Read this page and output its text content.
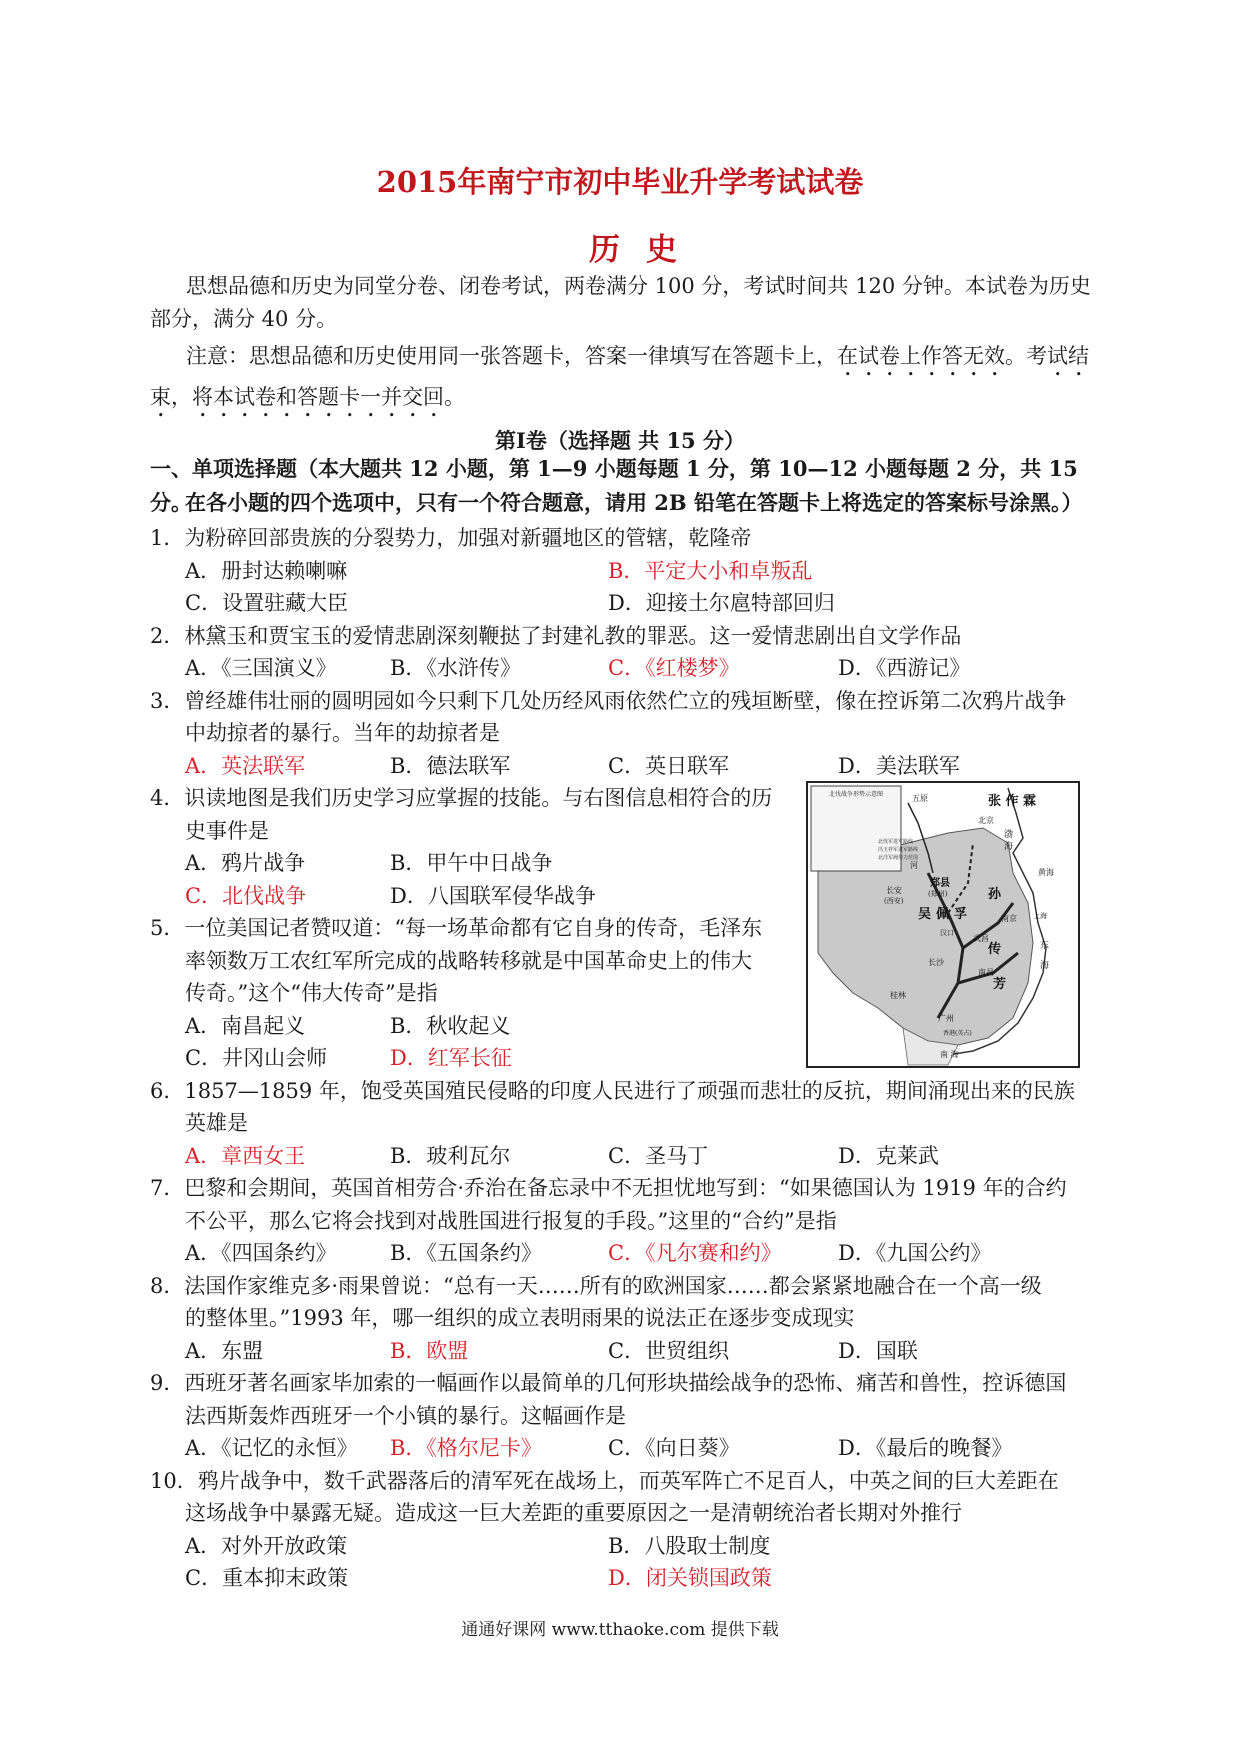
2015年南宁市初中毕业升学考试试卷
历史
思想品德和历史为同堂分卷、闭卷考试，两卷满分 100 分，考试时间共 120 分钟。本试卷为历史部分，满分 40 分。
注意：思想品德和历史使用同一张答题卡，答案一律填写在答题卡上，在试卷上作答无效。考试结束，将本试卷和答题卡一并交回。
第Ⅰ卷（选择题 共 15 分）
一、单项选择题（本大题共 12 小题，第 1—9 小题每题 1 分，第 10—12 小题每题 2 分，共 15 分。
在各小题的四个选项中，只有一个符合题意，请用 2B 铅笔在答题卡上将选定的答案标号涂黑。）
1．为粉碎回部贵族的分裂势力，加强对新疆地区的管辖，乾隆帝
A．册封达赖喇嘛	B．平定大小和卓叛乱
C．设置驻藏大臣	D．迎接土尔扈特部回归
2．林黛玉和贾宝玉的爱情悲剧深刻鞭挞了封建礼教的罪恶。这一爱情悲剧出自文学作品
A．《三国演义》	B．《水浒传》	C．《红楼梦》	D．《西游记》
3．曾经雄伟壮丽的圆明园如今只剩下几处历经风雨依然伫立的残垣断壁，像在控诉第二次鸦片战争
中劫掠者的暴行。当年的劫掠者是
A．英法联军	B．德法联军	C．英日联军	D．美法联军
4．识读地图是我们历史学习应掌握的技能。与右图信息相符合的历
史事件是
A．鸦片战争	B．甲午中日战争
C．北伐战争	D．八国联军侵华战争
5．一位美国记者赞叹道：“每一场革命都有它自身的传奇，毛泽东
率领数万工农红军所完成的战略转移就是中国革命史上的伟大
传奇。”这个“伟大传奇”是指
A．南昌起义	B．秋收起义
C．井冈山会师	D．红军长征
6．1857—1859 年，饱受英国殖民侵略的印度人民进行了顽强而悲壮的反抗，期间涌现出来的民族
英雄是
A．章西女王	B．玻利瓦尔	C．圣马丁	D．克莱武
7．巴黎和会期间，英国首相劳合·乔治在备忘录中不无担忧地写到：“如果德国认为 1919 年的合约
不公平，那么它将会找到对战胜国进行报复的手段。”这里的“合约”是指
A．《四国条约》	B．《五国条约》	C．《凡尔赛和约》	D．《九国公约》
8．法国作家维克多·雨果曾说：“总有一天……所有的欧洲国家……都会紧紧地融合在一个高一级
的整体里。”1993 年，哪一组织的成立表明雨果的说法正在逐步变成现实
A．东盟	B．欧盟	C．世贸组织	D．国联
9．西班牙著名画家毕加索的一幅画作以最简单的几何形块描绘战争的恐怖、痛苦和兽性，控诉德国
法西斯轰炸西班牙一个小镇的暴行。这幅画作是
A．《记忆的永恒》 B．《格尔尼卡》	C．《向日葵》	D．《最后的晚餐》
10．鸦片战争中，数千武器落后的清军死在战场上，而英军阵亡不足百人，中英之间的巨大差距在
这场战争中暴露无疑。造成这一巨大差距的重要原因之一是清朝统治者长期对外推行
A．对外开放政策	B．八股取士制度
C．重本抑末政策	D．闭关锁国政策
北伐战争形势示意图
北伐军进军路线
冯玉祥军进军路线
北洋军阀势力范围
张 作 霖
五原
北京
渤
海
黄海
郑县
(郑州)
长安
(西安)	孙
传
芳
吴 佩 孚	南京 上海
武昌
汉口
长沙
南昌
桂林
广州
香港(英占)
南 海
东
海
河
通通好课网 www.tthaoke.com 提供下载
